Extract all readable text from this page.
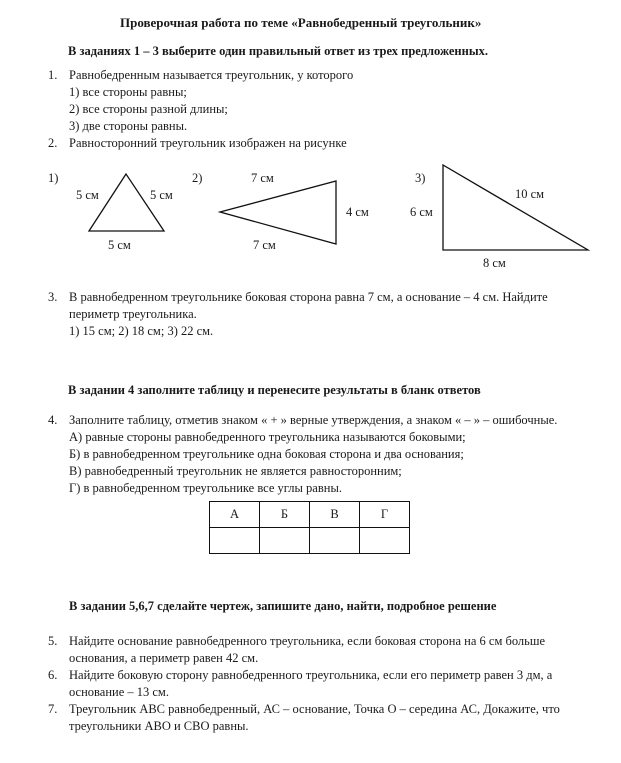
Проверочная работа по теме «Равнобедренный треугольник»
В заданиях 1 – 3 выберите один правильный ответ из трех предложенных.
1. Равнобедренным называется треугольник, у которого
1) все стороны равны;
2) все стороны разной длины;
3) две стороны равны.
2. Равносторонний треугольник изображен на рисунке
1)
5 см	5 см
5 см
2)	7 см
4 см
7 см
3)
6 см
10 см
8 см
3. В равнобедренном треугольнике боковая сторона равна 7 см, а основание – 4 см. Найдите
периметр треугольника.
1) 15 см; 2) 18 см; 3) 22 см.
В задании 4 заполните таблицу и перенесите результаты в бланк ответов
4. Заполните таблицу, отметив знаком « + » верные утверждения, а знаком « – » – ошибочные.
А) равные стороны равнобедренного треугольника называются боковыми;
Б) в равнобедренном треугольнике одна боковая сторона и два основания;
В) равнобедренный треугольник не является равносторонним;
Г) в равнобедренном треугольнике все углы равны.
А	Б	В	Г

В задании 5,6,7 сделайте чертеж, запишите дано, найти, подробное решение
5. Найдите основание равнобедренного треугольника, если боковая сторона на 6 см больше
основания, а периметр равен 42 см.
6. Найдите боковую сторону равнобедренного треугольника, если его периметр равен 3 дм, а
основание – 13 см.
7. Треугольник АВС равнобедренный, АС – основание, Точка О – середина АС, Докажите, что
треугольники АВО и СВО равны.
